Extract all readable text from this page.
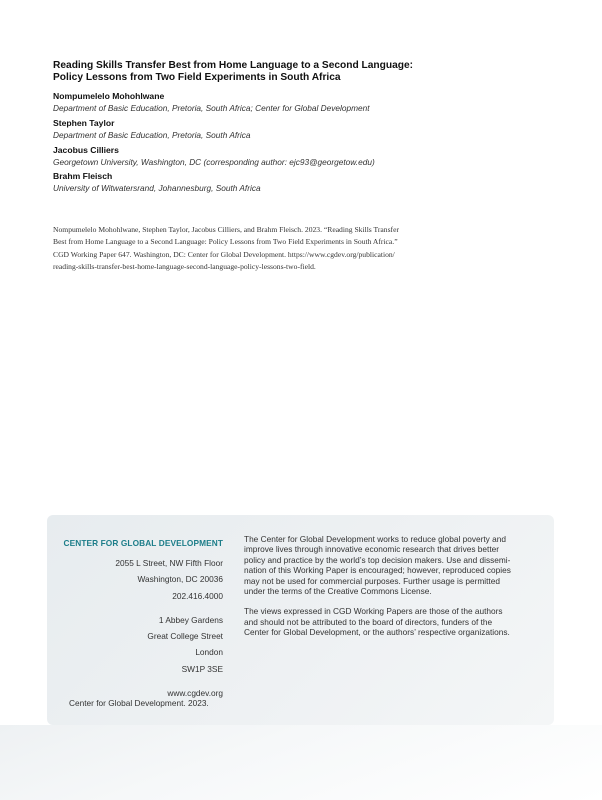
Reading Skills Transfer Best from Home Language to a Second Language:
Policy Lessons from Two Field Experiments in South Africa
Nompumelelo Mohohlwane
Department of Basic Education, Pretoria, South Africa; Center for Global Development
Stephen Taylor
Department of Basic Education, Pretoria, South Africa
Jacobus Cilliers
Georgetown University, Washington, DC (corresponding author: ejc93@georgetow.edu)
Brahm Fleisch
University of Witwatersrand, Johannesburg, South Africa
Nompumelelo Mohohlwane, Stephen Taylor, Jacobus Cilliers, and Brahm Fleisch. 2023. “Reading Skills Transfer
Best from Home Language to a Second Language: Policy Lessons from Two Field Experiments in South Africa.”
CGD Working Paper 647. Washington, DC: Center for Global Development. https://www.cgdev.org/publication/
reading-skills-transfer-best-home-language-second-language-policy-lessons-two-field.
CENTER FOR GLOBAL DEVELOPMENT
2055 L Street, NW Fifth Floor
Washington, DC 20036
202.416.4000
1 Abbey Gardens
Great College Street
London
SW1P 3SE
www.cgdev.org
Center for Global Development. 2023.

The Center for Global Development works to reduce global poverty and
improve lives through innovative economic research that drives better
policy and practice by the world’s top decision makers. Use and dissemi-
nation of this Working Paper is encouraged; however, reproduced copies
may not be used for commercial purposes. Further usage is permitted
under the terms of the Creative Commons License.

The views expressed in CGD Working Papers are those of the authors
and should not be attributed to the board of directors, funders of the
Center for Global Development, or the authors’ respective organizations.
